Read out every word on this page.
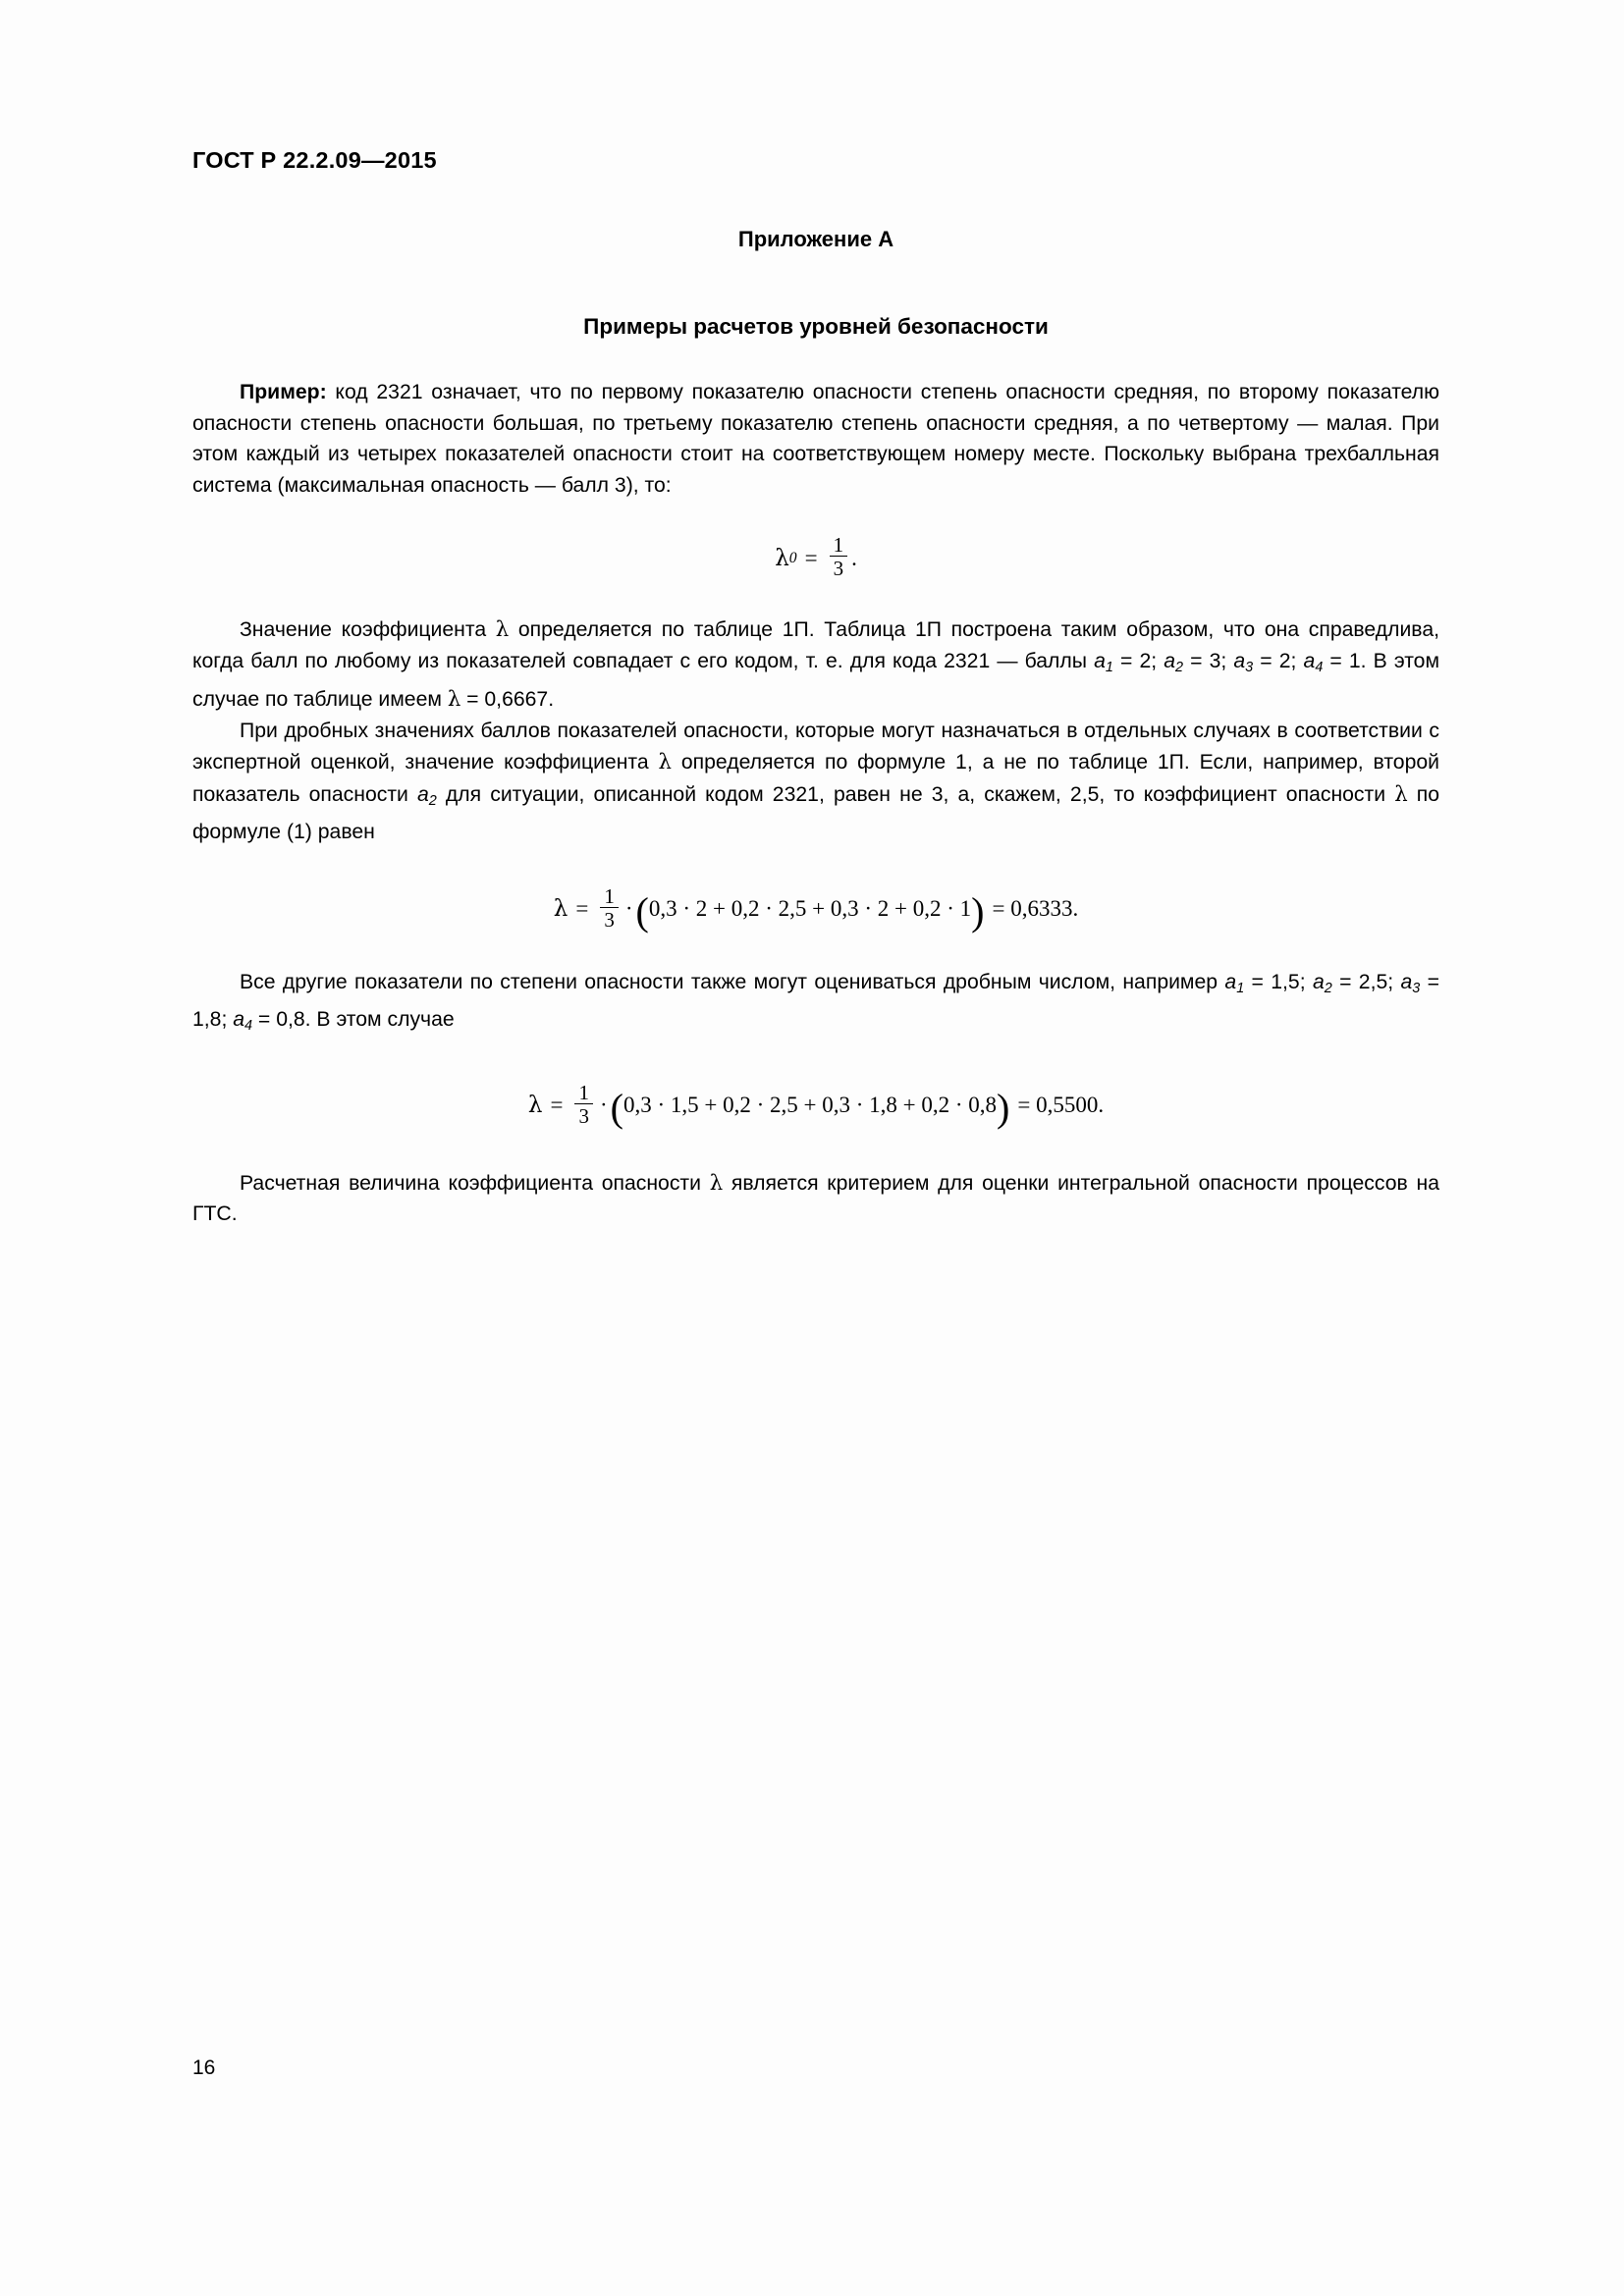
ГОСТ Р 22.2.09—2015
Приложение А
Примеры расчетов уровней безопасности

Пример: код 2321 означает, что по первому показателю опасности степень опасности средняя, по второму показателю опасности степень опасности большая, по третьему показателю степень опасности средняя, а по четвертому — малая. При этом каждый из четырех показателей опасности стоит на соответствующем номеру месте. Поскольку выбрана трехбалльная система (максимальная опасность — балл 3), то:

λ $0 = \frac{1}{3}$ .

Значение коэффициента λ определяется по таблице 1П. Таблица 1П построена таким образом, что она справедлива, когда балл по любому из показателей совпадает с его кодом, т. е. для кода 2321 — баллы $a_1 = 2$; $a_2 = 3$; $a_3 = 2$; $a_4 = 1$. В этом случае по таблице имеем λ = 0,6667.

При дробных значениях баллов показателей опасности, которые могут назначаться в отдельных случаях в соответствии с экспертной оценкой, значение коэффициента λ определяется по формуле 1, а не по таблице 1П. Если, например, второй показатель опасности $a_2$ для ситуации, описанной кодом 2321, равен не 3, а, скажем, 2,5, то коэффициент опасности λ по формуле (1) равен

$\lambda = \frac{1}{3}$ · ( 0,3 · 2 + 0,2 · 2,5 + 0,3 · 2 + 0,2 · 1 ) = 0,6333.

Все другие показатели по степени опасности также могут оцениваться дробным числом, например $a_1 = 1,5$; $a_2 = 2,5$; $a_3 = 1,8$; $a_4 = 0,8$. В этом случае

$\lambda = \frac{1}{3}$ · ( 0,3 · 1,5 + 0,2 · 2,5 + 0,3 · 1,8 + 0,2 · 0,8 ) = 0,5500.

Расчетная величина коэффициента опасности λ является критерием для оценки интегральной опасности процессов на ГТС.

16
